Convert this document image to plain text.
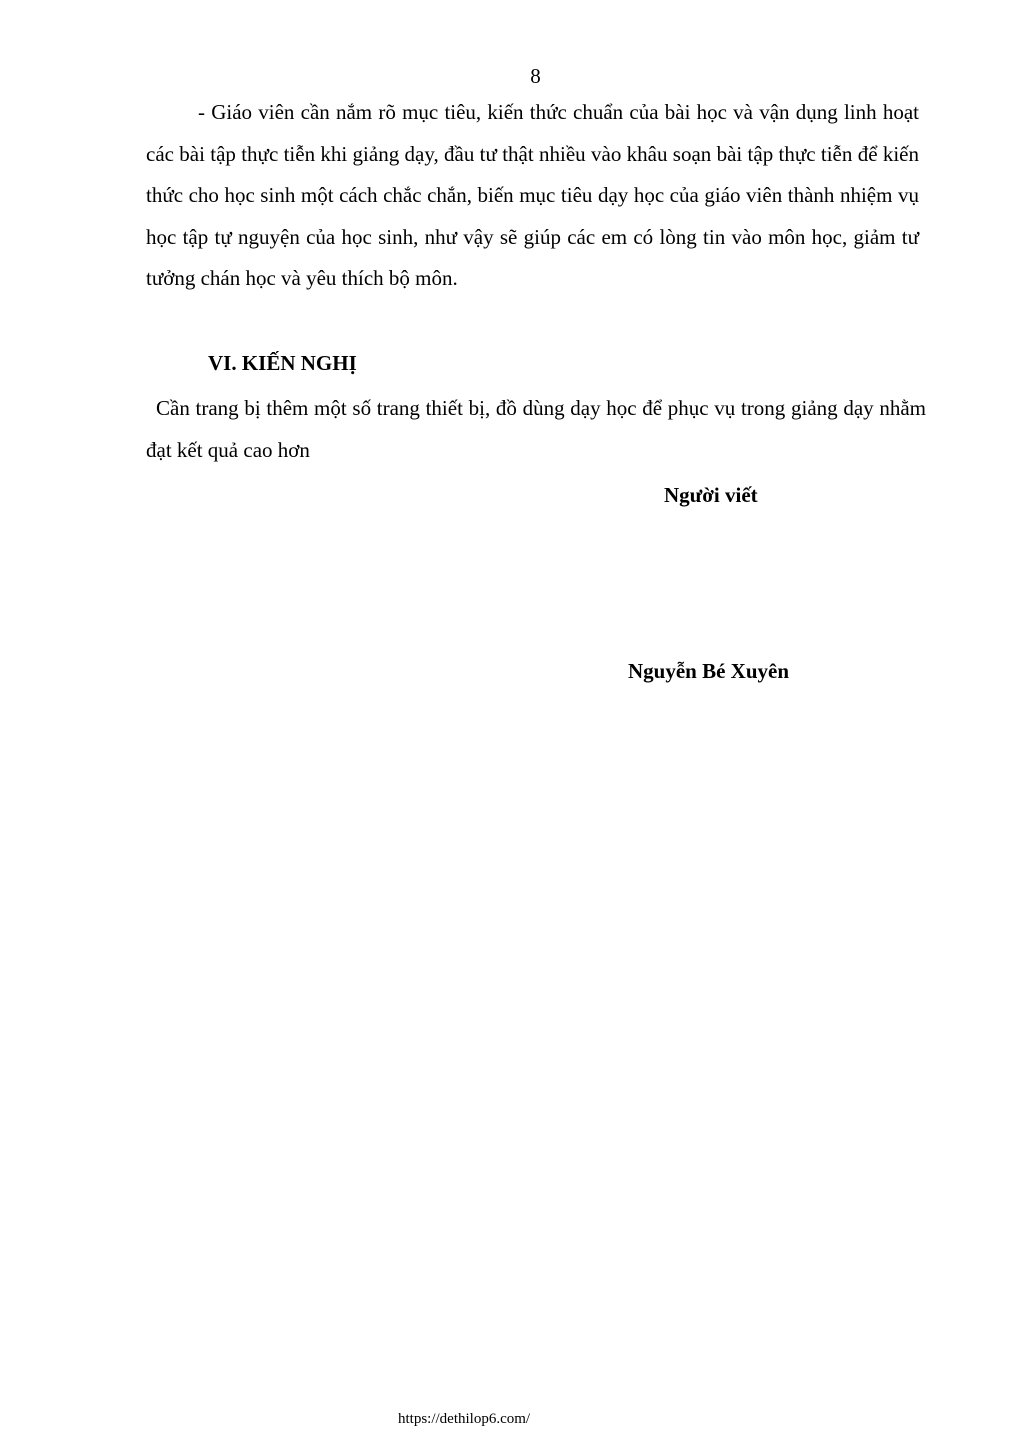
8

- Giáo viên cần nắm rõ mục tiêu, kiến thức chuẩn của bài học và vận dụng linh hoạt các bài tập thực tiễn khi giảng dạy, đầu tư thật nhiều vào khâu soạn bài tập thực tiễn để kiến thức cho học sinh một cách chắc chắn, biến mục tiêu dạy học của giáo viên thành nhiệm vụ học tập tự nguyện của học sinh, như vậy sẽ giúp các em có lòng tin vào môn học, giảm tư tưởng chán học và yêu thích bộ môn.

VI. KIẾN NGHỊ

Cần trang bị thêm một số trang thiết bị, đồ dùng dạy học để phục vụ trong giảng dạy nhằm đạt kết quả cao hơn

Người viết
Nguyễn Bé Xuyên
https://dethilop6.com/
